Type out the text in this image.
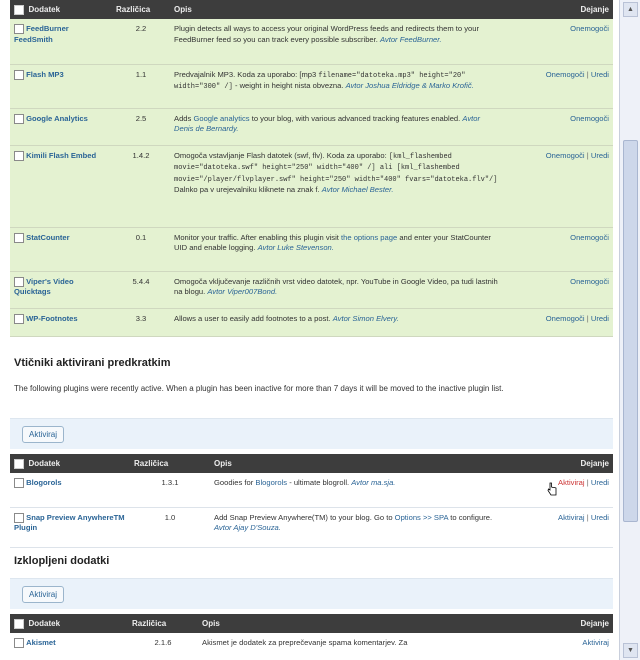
Dodatek	Različica	Opis	Dejanje
FeedBurner FeedSmith	2.2	Plugin detects all ways to access your original WordPress feeds and redirects them to your FeedBurner feed so you can track every possible subscriber. Avtor FeedBurner.	Onemogoči
Flash MP3	1.1	Predvajalnik MP3. Koda za uporabo: [mp3 filename="datoteka.mp3" height="20" width="300" /] - weight in height nista obvezna. Avtor Joshua Eldridge & Marko Krofič.	Onemogoči | Uredi
Google Analytics	2.5	Adds Google analytics to your blog, with various advanced tracking features enabled. Avtor Denis de Bernardy.	Onemogoči
Kimili Flash Embed	1.4.2	Omogoča vstavljanje Flash datotek (swf, flv). Koda za uporabo: [kml_flashembed movie="datoteka.swf" height="250" width="400" /] ali [kml_flashembed movie="/player/flvplayer.swf" height="250" width="400" fvars="datoteka.flv"/] Dalnko pa v urejevalniku kliknete na znak f. Avtor Michael Bester.	Onemogoči | Uredi
StatCounter	0.1	Monitor your traffic. After enabling this plugin visit the options page and enter your StatCounter UID and enable logging. Avtor Luke Stevenson.	Onemogoči
Viper's Video Quicktags	5.4.4	Omogoča vključevanje različnih vrst video datotek, npr. YouTube in Google Video, pa tudi lastnih na blogu. Avtor Viper007Bond.	Onemogoči
WP-Footnotes	3.3	Allows a user to easily add footnotes to a post. Avtor Simon Elvery.	Onemogoči | Uredi
Vtičniki aktivirani predkratkim
The following plugins were recently active. When a plugin has been inactive for more than 7 days it will be moved to the inactive plugin list.
Aktiviraj
Dodatek	Različica	Opis	Dejanje
Blogorols	1.3.1	Goodies for Blogorols - ultimate blogroll. Avtor ma.sja.	Aktiviraj | Uredi
Snap Preview AnywhereTM Plugin	1.0	Add Snap Preview Anywhere(TM) to your blog. Go to Options >> SPA to configure. Avtor Ajay D'Souza.	Aktiviraj | Uredi
Izklopljeni dodatki
Aktiviraj
Dodatek	Različica	Opis	Dejanje
Akismet	2.1.6	Akismet je dodatek za preprečevanje spama komentarjev. Za	Aktiviraj
▲
▼
